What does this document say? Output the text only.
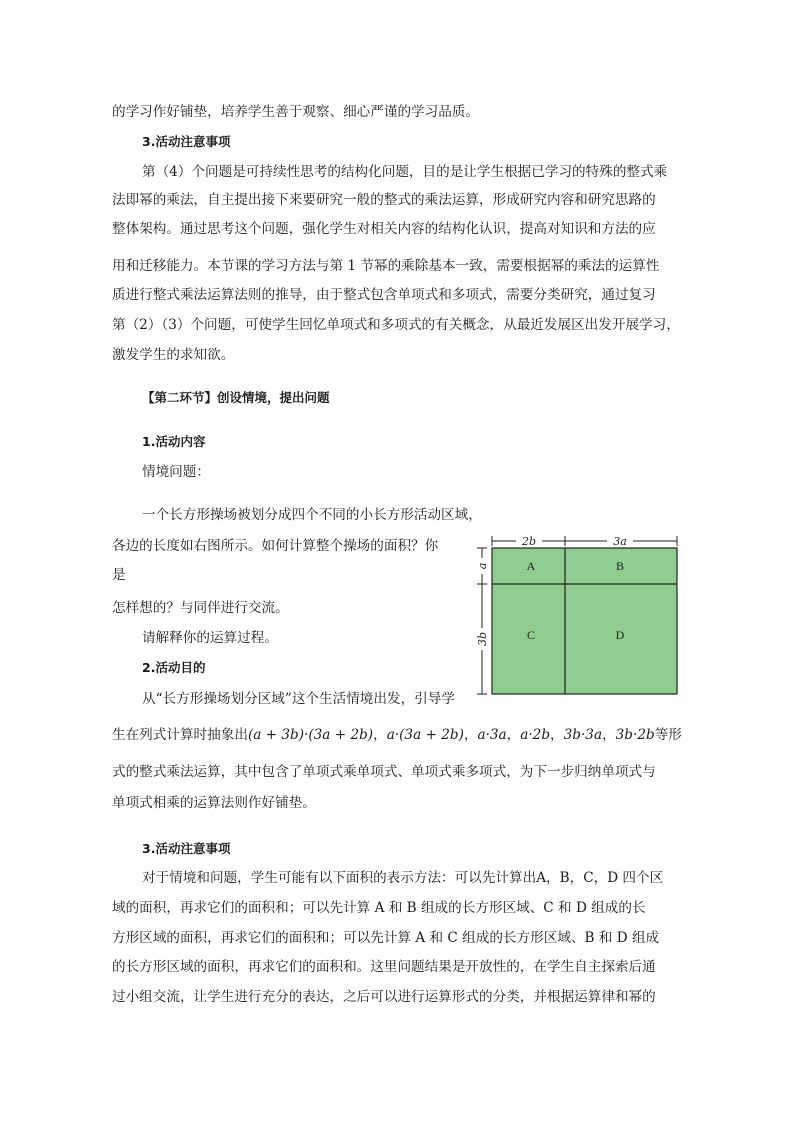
的学习作好铺垫，培养学生善于观察、细心严谨的学习品质。
3.活动注意事项
第（4）个问题是可持续性思考的结构化问题，目的是让学生根据已学习的特殊的整式乘
法即幂的乘法，自主提出接下来要研究一般的整式的乘法运算，形成研究内容和研究思路的
整体架构。通过思考这个问题，强化学生对相关内容的结构化认识，提高对知识和方法的应
用和迁移能力。本节课的学习方法与第 1 节幂的乘除基本一致，需要根据幂的乘法的运算性
质进行整式乘法运算法则的推导，由于整式包含单项式和多项式，需要分类研究，通过复习
第（2）（3）个问题，可使学生回忆单项式和多项式的有关概念，从最近发展区出发开展学习，
激发学生的求知欲。
【第二环节】创设情境，提出问题
1.活动内容
情境问题：
一个长方形操场被划分成四个不同的小长方形活动区域，
各边的长度如右图所示。如何计算整个操场的面积？你
是
怎样想的？与同伴进行交流。
请解释你的运算过程。
2.活动目的
从“长方形操场划分区域”这个生活情境出发，引导学
生在列式计算时抽象出(a + 3b)·(3a + 2b)，a·(3a + 2b)，a·3a，a·2b，3b·3a，3b·2b等形
式的整式乘法运算，其中包含了单项式乘单项式、单项式乘多项式，为下一步归纳单项式与
单项式相乘的运算法则作好铺垫。
3.活动注意事项
对于情境和问题，学生可能有以下面积的表示方法：可以先计算出A，B，C，D 四个区
域的面积，再求它们的面积和；可以先计算 A 和 B 组成的长方形区域、C 和 D 组成的长
方形区域的面积，再求它们的面积和；可以先计算 A 和 C 组成的长方形区域、B 和 D 组成
的长方形区域的面积，再求它们的面积和。这里问题结果是开放性的，在学生自主探索后通
过小组交流，让学生进行充分的表达，之后可以进行运算形式的分类，并根据运算律和幂的
2b	3a
a
3b
A	B
C	D
